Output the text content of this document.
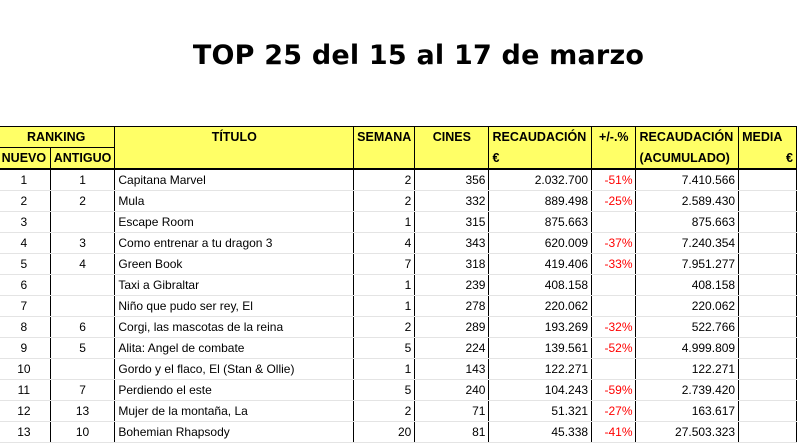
TOP 25 del 15 al 17 de marzo
RANKING		TÍTULO	SEMANA	CINES	RECAUDACIÓN	+/-.%	RECAUDACIÓN	MEDIA
NUEVO	ANTIGUO				€		(ACUMULADO)	€
1	1	Capitana Marvel	2	356	2.032.700	-51%	7.410.566	
2	2	Mula	2	332	889.498	-25%	2.589.430	
3		Escape Room	1	315	875.663		875.663	
4	3	Como entrenar a tu dragon 3	4	343	620.009	-37%	7.240.354	
5	4	Green Book	7	318	419.406	-33%	7.951.277	
6		Taxi a Gibraltar	1	239	408.158		408.158	
7		Niño que pudo ser rey, El	1	278	220.062		220.062	
8	6	Corgi, las mascotas de la reina	2	289	193.269	-32%	522.766	
9	5	Alita: Angel de combate	5	224	139.561	-52%	4.999.809	
10		Gordo y el flaco, El (Stan & Ollie)	1	143	122.271		122.271	
11	7	Perdiendo el este	5	240	104.243	-59%	2.739.420	
12	13	Mujer de la montaña, La	2	71	51.321	-27%	163.617	
13	10	Bohemian Rhapsody	20	81	45.338	-41%	27.503.323	
